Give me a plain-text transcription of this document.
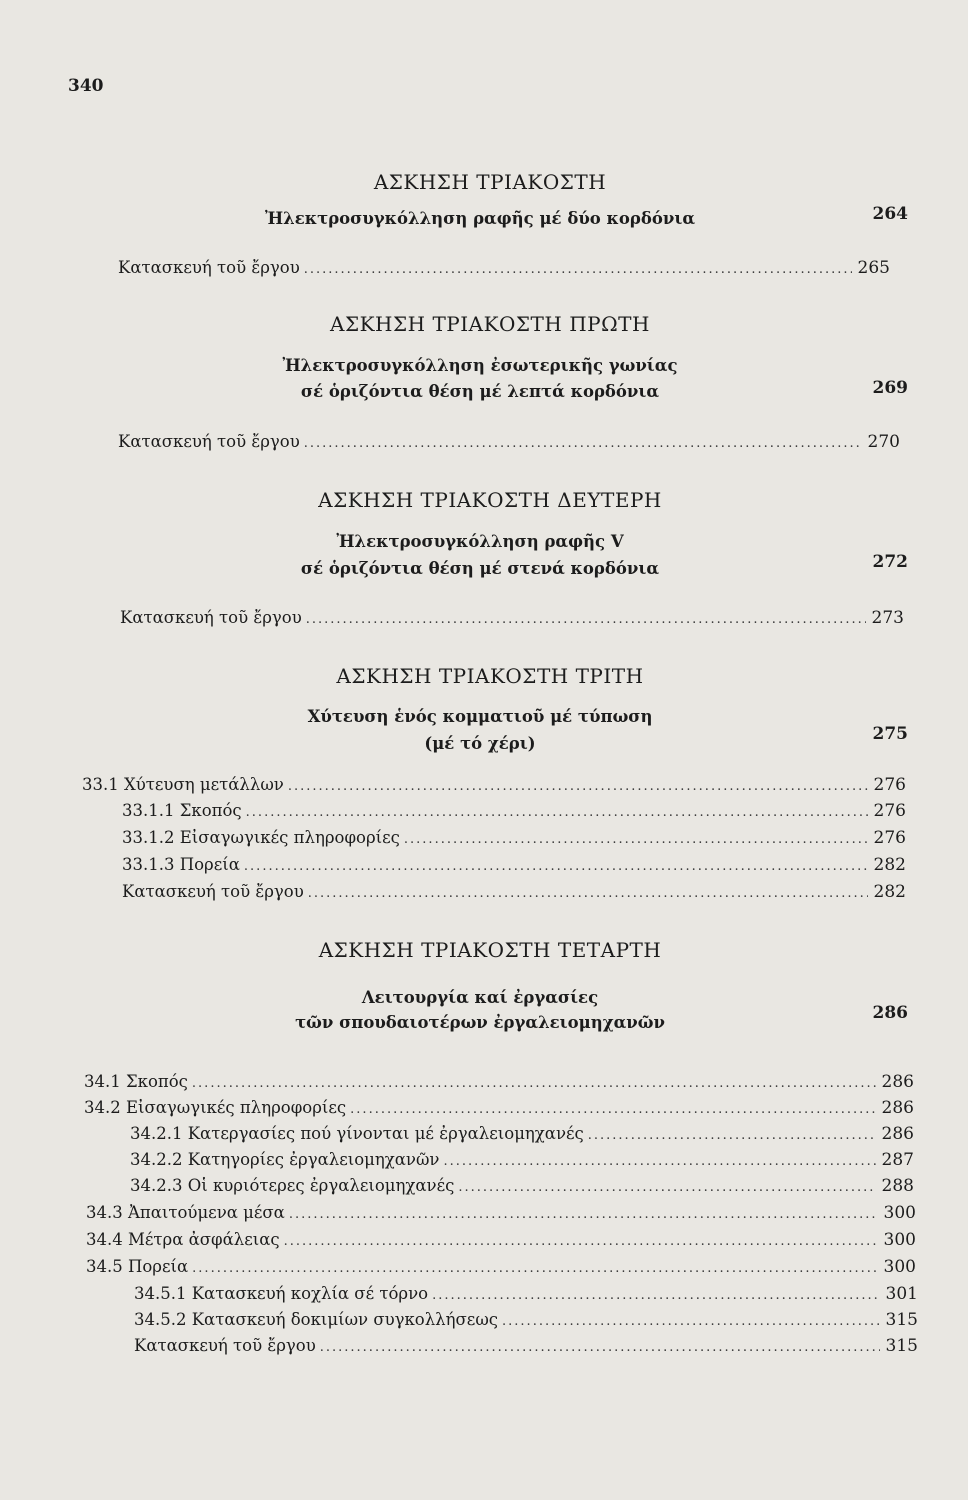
340
ΑΣΚΗΣΗ ΤΡΙΑΚΟΣΤΗ
Ἠλεκτροσυγκόλληση ραφῆς μέ δύο κορδόνια	264
Κατασκευή τοῦ ἔργου .....	265
ΑΣΚΗΣΗ ΤΡΙΑΚΟΣΤΗ ΠΡΩΤΗ
Ἠλεκτροσυγκόλληση ἐσωτερικῆς γωνίας
σέ ὁριζόντια θέση μέ λεπτά κορδόνια	269
Κατασκευή τοῦ ἔργου .....	270
ΑΣΚΗΣΗ ΤΡΙΑΚΟΣΤΗ ΔΕΥΤΕΡΗ
Ἠλεκτροσυγκόλληση ραφῆς V
σέ ὁριζόντια θέση μέ στενά κορδόνια	272
Κατασκευή τοῦ ἔργου .....	273
ΑΣΚΗΣΗ ΤΡΙΑΚΟΣΤΗ ΤΡΙΤΗ
Χύτευση ἑνός κομματιοῦ μέ τύπωση
(μέ τό χέρι)	275
33.1 Χύτευση μετάλλων .....	276
33.1.1 Σκοπός .....	276
33.1.2 Εἰσαγωγικές πληροφορίες .....	276
33.1.3 Πορεία .....	282
Κατασκευή τοῦ ἔργου .....	282
ΑΣΚΗΣΗ ΤΡΙΑΚΟΣΤΗ ΤΕΤΑΡΤΗ
Λειτουργία καί ἐργασίες
τῶν σπουδαιοτέρων ἐργαλειομηχανῶν	286
34.1 Σκοπός .....	286
34.2 Εἰσαγωγικές πληροφορίες .....	286
34.2.1 Κατεργασίες πού γίνονται μέ ἐργαλειομηχανές .....	286
34.2.2 Κατηγορίες ἐργαλειομηχανῶν .....	287
34.2.3 Οἱ κυριότερες ἐργαλειομηχανές .....	288
34.3 Ἀπαιτούμενα μέσα .....	300
34.4 Μέτρα ἀσφάλειας .....	300
34.5 Πορεία .....	300
34.5.1 Κατασκευή κοχλία σέ τόρνο .....	301
34.5.2 Κατασκευή δοκιμίων συγκολλήσεως .....	315
Κατασκευή τοῦ ἔργου .....	315
